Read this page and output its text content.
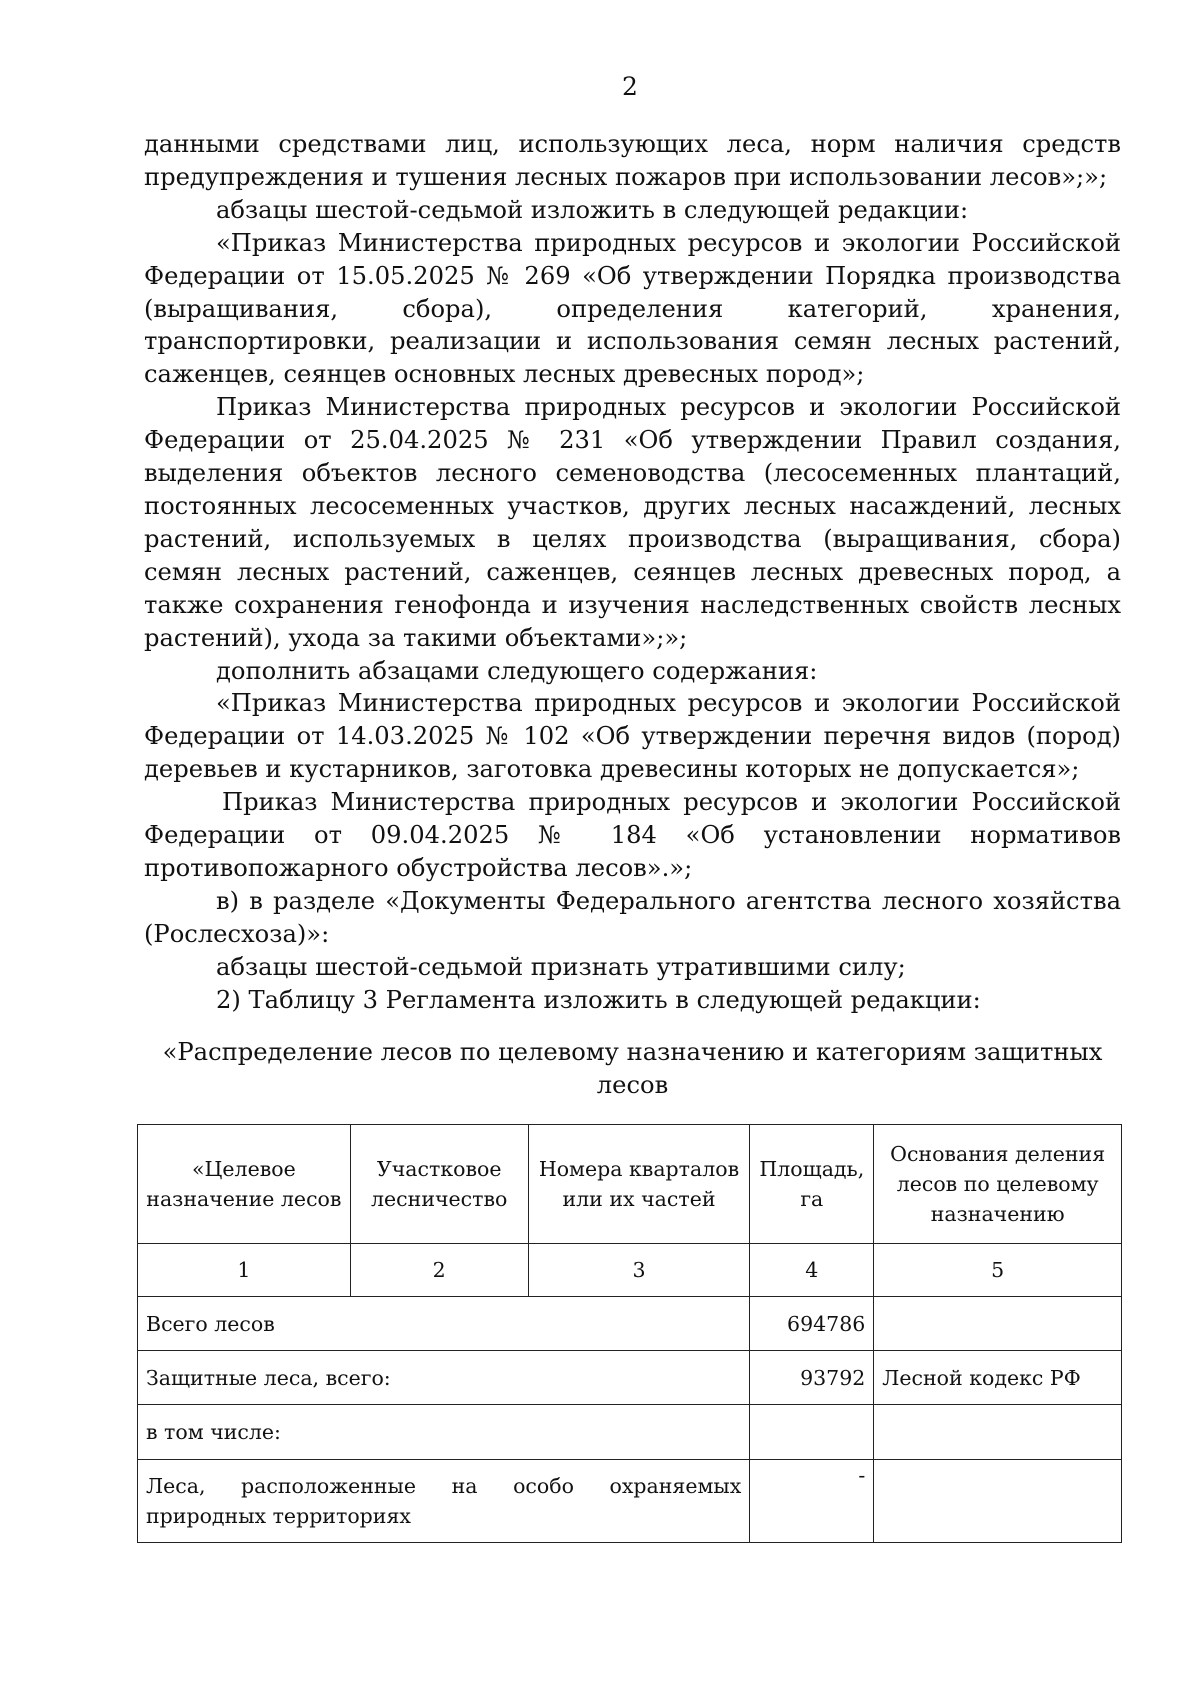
2

данными средствами лиц, использующих леса, норм наличия средств предупреждения и тушения лесных пожаров при использовании лесов»;»;

абзацы шестой-седьмой изложить в следующей редакции:

«Приказ Министерства природных ресурсов и экологии Российской Федерации от 15.05.2025 № 269 «Об утверждении Порядка производства (выращивания, сбора), определения категорий, хранения, транспортировки, реализации и использования семян лесных растений, саженцев, сеянцев основных лесных древесных пород»;

Приказ Министерства природных ресурсов и экологии Российской Федерации от 25.04.2025 № 231 «Об утверждении Правил создания, выделения объектов лесного семеноводства (лесосеменных плантаций, постоянных лесосеменных участков, других лесных насаждений, лесных растений, используемых в целях производства (выращивания, сбора) семян лесных растений, саженцев, сеянцев лесных древесных пород, а также сохранения генофонда и изучения наследственных свойств лесных растений), ухода за такими объектами»;»;

дополнить абзацами следующего содержания:

«Приказ Министерства природных ресурсов и экологии Российской Федерации от 14.03.2025 № 102 «Об утверждении перечня видов (пород) деревьев и кустарников, заготовка древесины которых не допускается»;

Приказ Министерства природных ресурсов и экологии Российской Федерации от 09.04.2025 № 184 «Об установлении нормативов противопожарного обустройства лесов».»;

в) в разделе «Документы Федерального агентства лесного хозяйства (Рослесхоза)»:

абзацы шестой-седьмой признать утратившими силу;

2) Таблицу 3 Регламента изложить в следующей редакции:

«Распределение лесов по целевому назначению и категориям защитных лесов
«Целевое назначение лесов	Участковое лесничество	Номера кварталов или их частей	Площадь, га	Основания деления лесов по целевому назначению
1	2	3	4	5
Всего лесов			694786	
Защитные леса, всего:			93792	Лесной кодекс РФ
в том числе:				
Леса, расположенные на особо охраняемых природных территориях			-	
